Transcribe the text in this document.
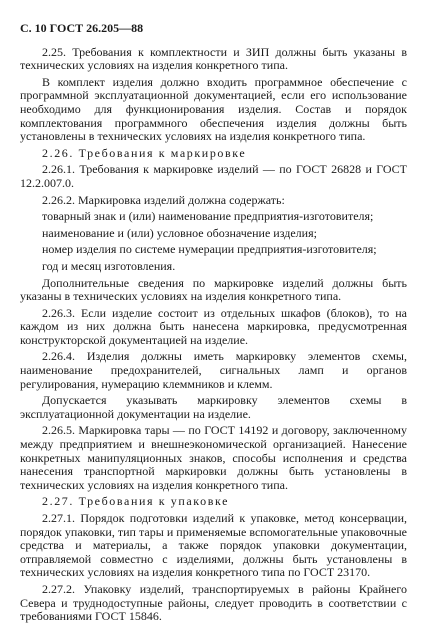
С. 10 ГОСТ 26.205—88

2.25. Требования к комплектности и ЗИП должны быть указаны в технических условиях на изделия конкретного типа.

В комплект изделия должно входить программное обеспечение с программной эксплуатационной документацией, если его использование необходимо для функционирования изделия. Состав и порядок комплектования программного обеспечения изделия должны быть установлены в технических условиях на изделия конкретного типа.

2.26. Требования к маркировке

2.26.1. Требования к маркировке изделий — по ГОСТ 26828 и ГОСТ 12.2.007.0.

2.26.2. Маркировка изделий должна содержать:

товарный знак и (или) наименование предприятия-изготовителя;

наименование и (или) условное обозначение изделия;

номер изделия по системе нумерации предприятия-изготовителя;

год и месяц изготовления.

Дополнительные сведения по маркировке изделий должны быть указаны в технических условиях на изделия конкретного типа.

2.26.3. Если изделие состоит из отдельных шкафов (блоков), то на каждом из них должна быть нанесена маркировка, предусмотренная конструкторской документацией на изделие.

2.26.4. Изделия должны иметь маркировку элементов схемы, наименование предохранителей, сигнальных ламп и органов регулирования, нумерацию клеммников и клемм.

Допускается указывать маркировку элементов схемы в эксплуатационной документации на изделие.

2.26.5. Маркировка тары — по ГОСТ 14192 и договору, заключенному между предприятием и внешнеэкономической организацией. Нанесение конкретных манипуляционных знаков, способы исполнения и средства нанесения транспортной маркировки должны быть установлены в технических условиях на изделия конкретного типа.

2.27. Требования к упаковке

2.27.1. Порядок подготовки изделий к упаковке, метод консервации, порядок упаковки, тип тары и применяемые вспомогательные упаковочные средства и материалы, а также порядок упаковки документации, отправляемой совместно с изделиями, должны быть установлены в технических условиях на изделия конкретного типа по ГОСТ 23170.

2.27.2. Упаковку изделий, транспортируемых в районы Крайнего Севера и труднодоступные районы, следует проводить в соответствии с требованиями ГОСТ 15846.
